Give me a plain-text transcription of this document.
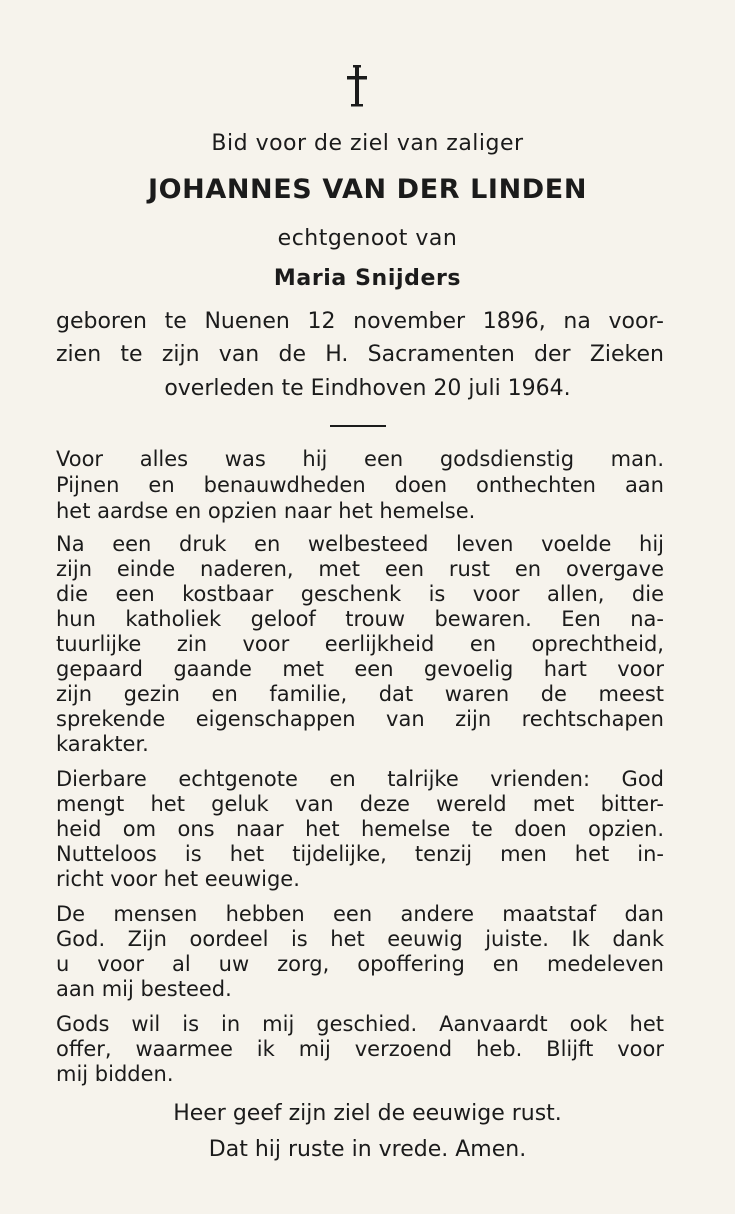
Bid voor de ziel van zaliger
JOHANNES VAN DER LINDEN
echtgenoot van
Maria Snijders
geboren te Nuenen 12 november 1896, na voor-
zien te zijn van de H. Sacramenten der Zieken
overleden te Eindhoven 20 juli 1964.
Voor alles was hij een godsdienstig man.
Pijnen en benauwdheden doen onthechten aan
het aardse en opzien naar het hemelse.
Na een druk en welbesteed leven voelde hij
zijn einde naderen, met een rust en overgave
die een kostbaar geschenk is voor allen, die
hun katholiek geloof trouw bewaren. Een na-
tuurlijke zin voor eerlijkheid en oprechtheid,
gepaard gaande met een gevoelig hart voor
zijn gezin en familie, dat waren de meest
sprekende eigenschappen van zijn rechtschapen
karakter.
Dierbare echtgenote en talrijke vrienden: God
mengt het geluk van deze wereld met bitter-
heid om ons naar het hemelse te doen opzien.
Nutteloos is het tijdelijke, tenzij men het in-
richt voor het eeuwige.
De mensen hebben een andere maatstaf dan
God. Zijn oordeel is het eeuwig juiste. Ik dank
u voor al uw zorg, opoffering en medeleven
aan mij besteed.
Gods wil is in mij geschied. Aanvaardt ook het
offer, waarmee ik mij verzoend heb. Blijft voor
mij bidden.
Heer geef zijn ziel de eeuwige rust.
Dat hij ruste in vrede. Amen.
